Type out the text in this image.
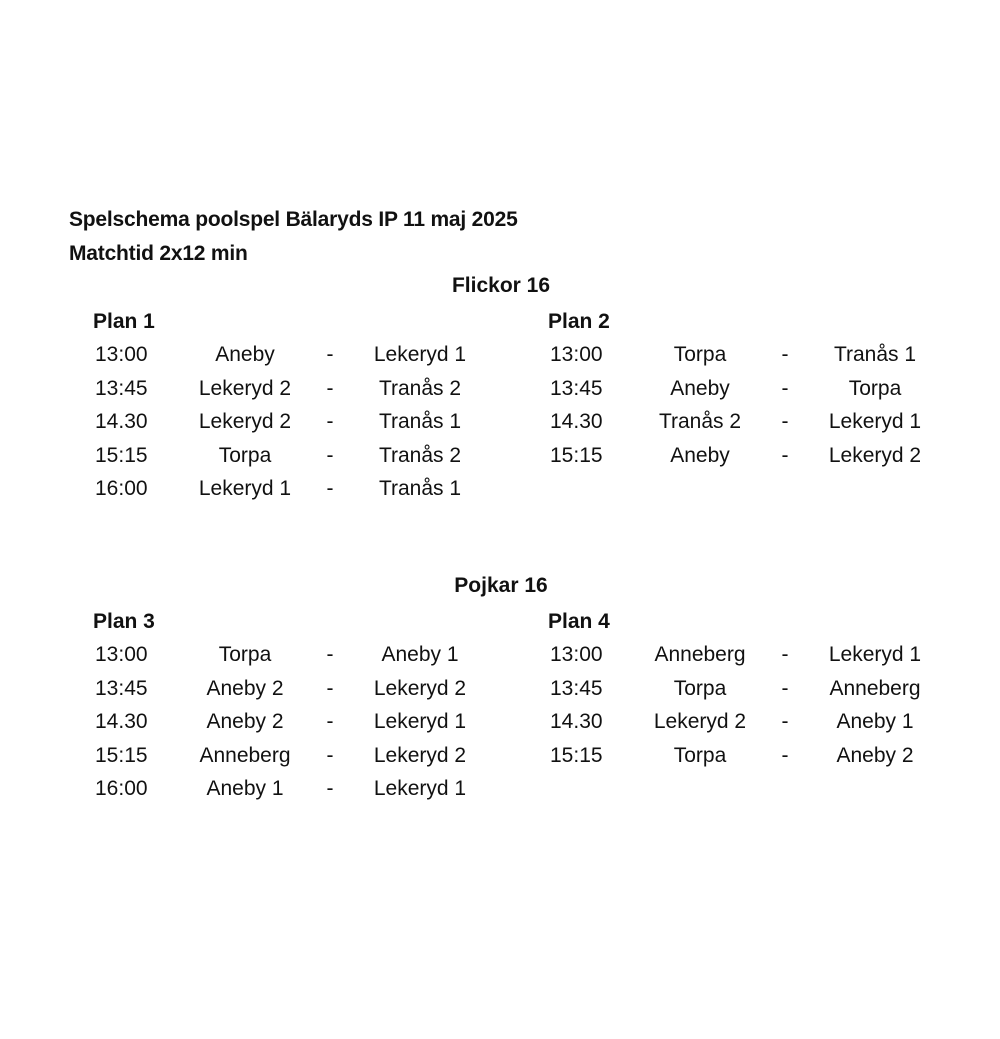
Spelschema poolspel Bälaryds IP 11 maj 2025
Matchtid 2x12 min
Flickor 16
Plan 1
13:00	Aneby	-	Lekeryd 1
13:45	Lekeryd 2	-	Tranås 2
14.30	Lekeryd 2	-	Tranås 1
15:15	Torpa	-	Tranås 2
16:00	Lekeryd 1	-	Tranås 1
Plan 2
13:00	Torpa	-	Tranås 1
13:45	Aneby	-	Torpa
14.30	Tranås 2	-	Lekeryd 1
15:15	Aneby	-	Lekeryd 2
Pojkar 16
Plan 3
13:00	Torpa	-	Aneby 1
13:45	Aneby 2	-	Lekeryd 2
14.30	Aneby 2	-	Lekeryd 1
15:15	Anneberg	-	Lekeryd 2
16:00	Aneby 1	-	Lekeryd 1
Plan 4
13:00	Anneberg	-	Lekeryd 1
13:45	Torpa	-	Anneberg
14.30	Lekeryd 2	-	Aneby 1
15:15	Torpa	-	Aneby 2
